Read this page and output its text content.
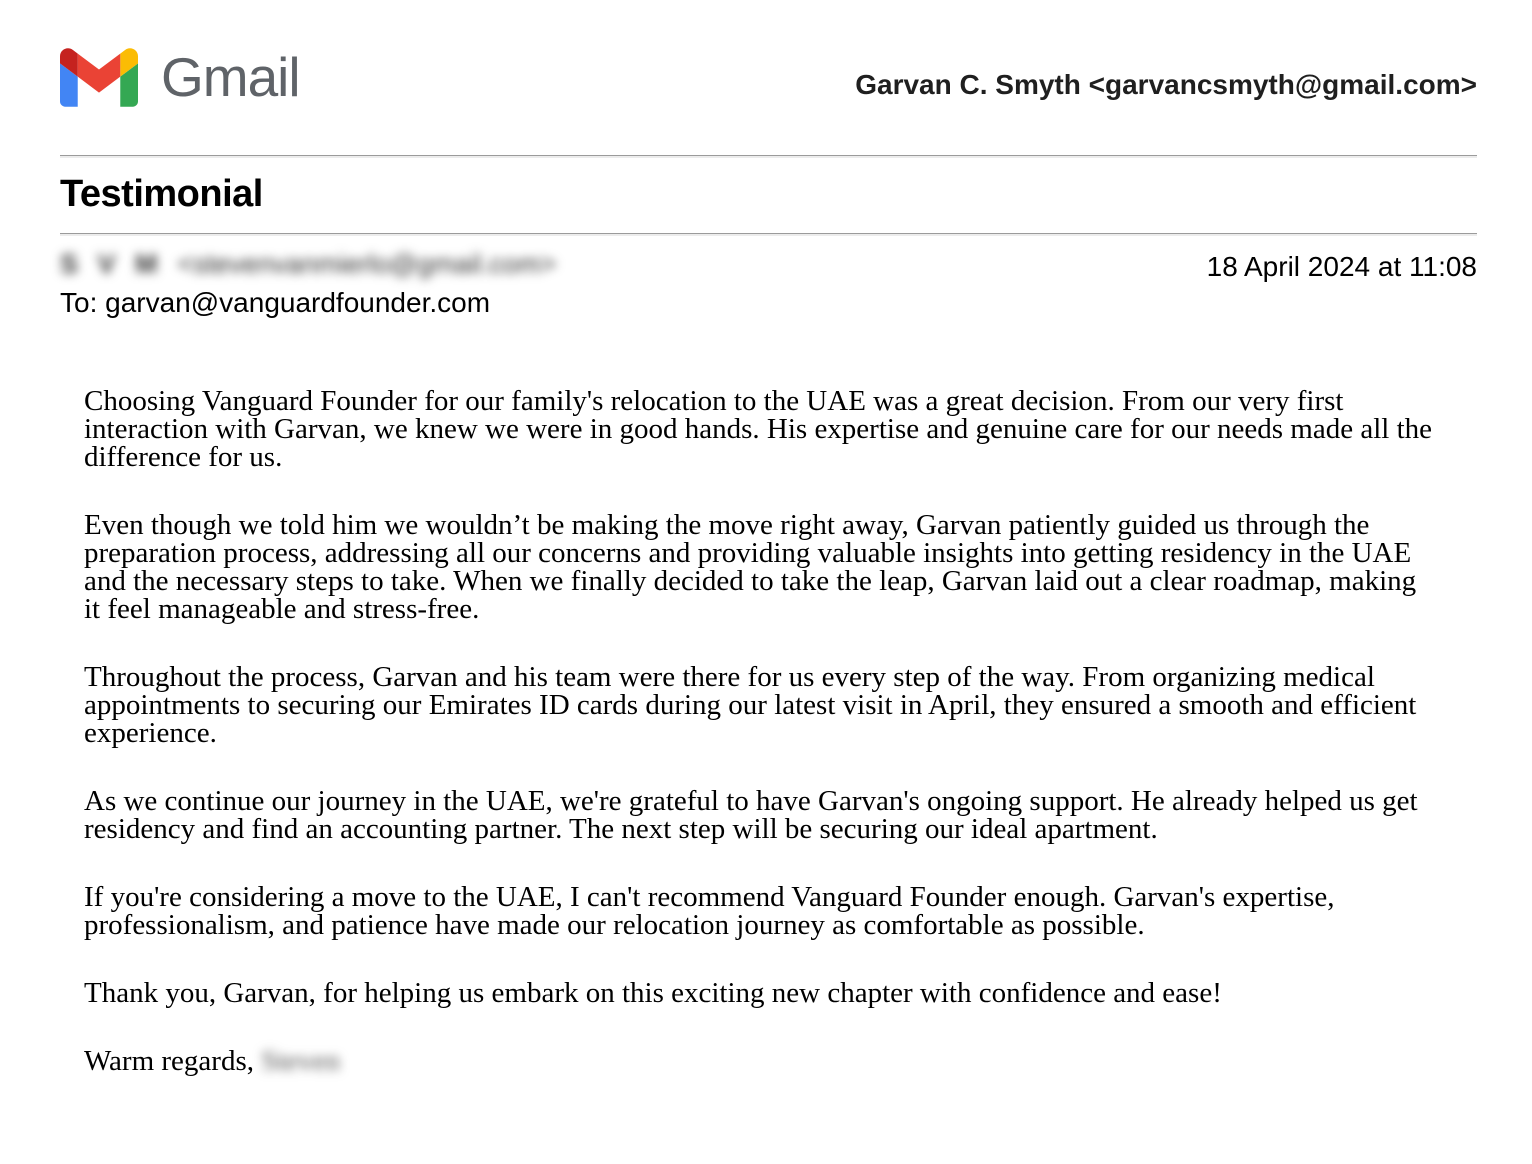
Gmail	Garvan C. Smyth <garvancsmyth@gmail.com>
Testimonial
S V M <stevenvanmierlo@gmail.com>
To: garvan@vanguardfounder.com
18 April 2024 at 11:08

Choosing Vanguard Founder for our family's relocation to the UAE was a great decision. From our very first interaction with Garvan, we knew we were in good hands. His expertise and genuine care for our needs made all the difference for us.

Even though we told him we wouldn’t be making the move right away, Garvan patiently guided us through the preparation process, addressing all our concerns and providing valuable insights into getting residency in the UAE and the necessary steps to take. When we finally decided to take the leap, Garvan laid out a clear roadmap, making it feel manageable and stress-free.

Throughout the process, Garvan and his team were there for us every step of the way. From organizing medical appointments to securing our Emirates ID cards during our latest visit in April, they ensured a smooth and efficient experience.

As we continue our journey in the UAE, we're grateful to have Garvan's ongoing support. He already helped us get residency and find an accounting partner. The next step will be securing our ideal apartment.

If you're considering a move to the UAE, I can't recommend Vanguard Founder enough. Garvan's expertise, professionalism, and patience have made our relocation journey as comfortable as possible.

Thank you, Garvan, for helping us embark on this exciting new chapter with confidence and ease!

Warm regards, Steven
